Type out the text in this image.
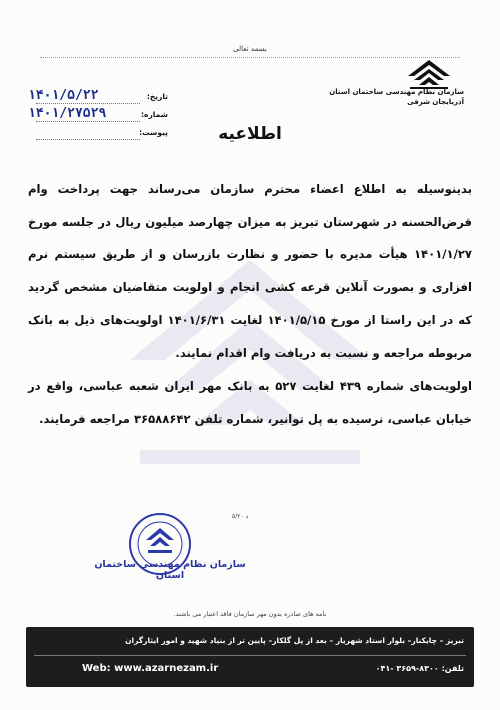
بسمه تعالی
سازمان نظام مهندسی ساختمان استان
آذربایجان شرقی
تاریخ:
۱۴۰۱/۵/۲۲
شماره:
۱۴۰۱/۲۷۵۲۹
پیوست:	اطلاعیه

بدینوسیله به اطلاع اعضاء محترم سازمان می‌رساند جهت پرداخت وام قرض‌الحسنه در شهرستان تبریز به میزان چهارصد میلیون ریال در جلسه مورخ ۱۴۰۱/۱/۲۷ هیأت مدیره با حضور و نظارت بازرسان و از طریق سیستم نرم افزاری و بصورت آنلاین قرعه کشی انجام و اولویت متقاضیان مشخص گردید که در این راستا از مورخ ۱۴۰۱/۵/۱۵ لغایت ۱۴۰۱/۶/۳۱ اولویت‌های ذیل به بانک مربوطه مراجعه و نسبت به دریافت وام اقدام نمایند.

اولویت‌های شماره ۴۳۹ لغایت ۵۲۷ به بانک مهر ایران شعبه عباسی، واقع در خیابان عباسی، نرسیده به پل توانیر، شماره تلفن ۳۶۵۸۸۶۴۲ مراجعه فرمایند.

د ۵/۲۰
سازمان نظام مهندسی ساختمان استان
نامه های صادره بدون مهر سازمان فاقد اعتبار می باشند.
تبریز – چایکنار– بلوار استاد شهریار – بعد از پل گلکار– پایین تر از بنیاد شهید و امور ایثارگران
تلفن: ۸۳۰۰-۳۶۵۹ -۰۴۱
Web: www.azarnezam.ir
